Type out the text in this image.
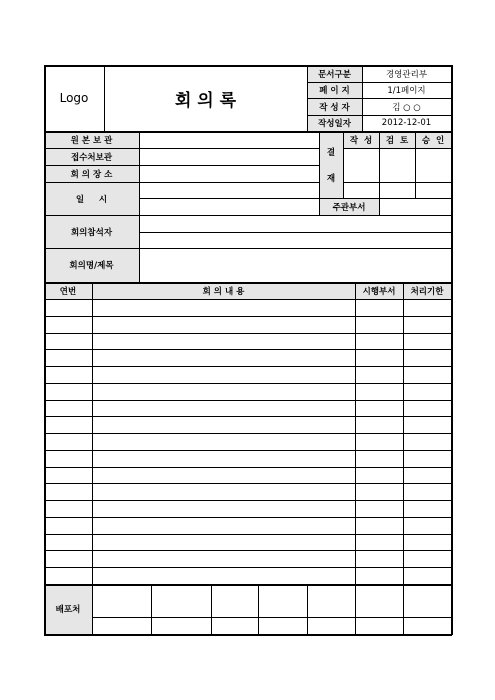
Logo	회 의 록
문서구분	경영관리부
페 이 지	1/1페이지
작 성 자	김 ○ ○
작성일자	2012-12-01
원 본 보 관
접수처보관
회 의 장 소
일     시
회의참석자
회의명/제목
결
재
작  성	검  토	승  인
주관부서
연번	회 의 내 용	시행부서	처리기한
배포처
